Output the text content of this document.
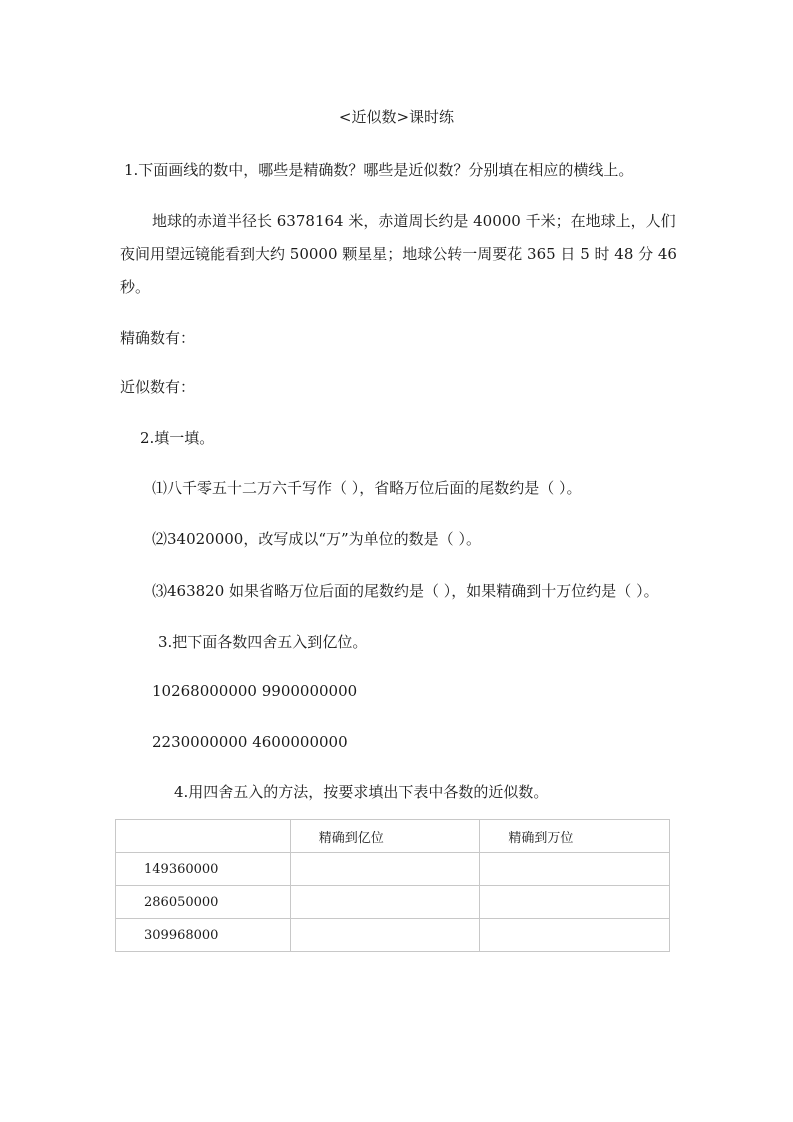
<近似数>课时练
1.下面画线的数中，哪些是精确数？哪些是近似数？分别填在相应的横线上。
地球的赤道半径长 6378164 米，赤道周长约是 40000 千米；在地球上，人们
夜间用望远镜能看到大约 50000 颗星星；地球公转一周要花 365 日 5 时 48 分 46
秒。
精确数有：
近似数有：
2.填一填。
⑴八千零五十二万六千写作（ ），省略万位后面的尾数约是（ ）。
⑵34020000，改写成以“万”为单位的数是（ ）。
⑶463820 如果省略万位后面的尾数约是（ ），如果精确到十万位约是（ ）。
3.把下面各数四舍五入到亿位。
10268000000 9900000000
2230000000 4600000000
4.用四舍五入的方法，按要求填出下表中各数的近似数。
	精确到亿位	精确到万位
149360000		
286050000		
309968000		
